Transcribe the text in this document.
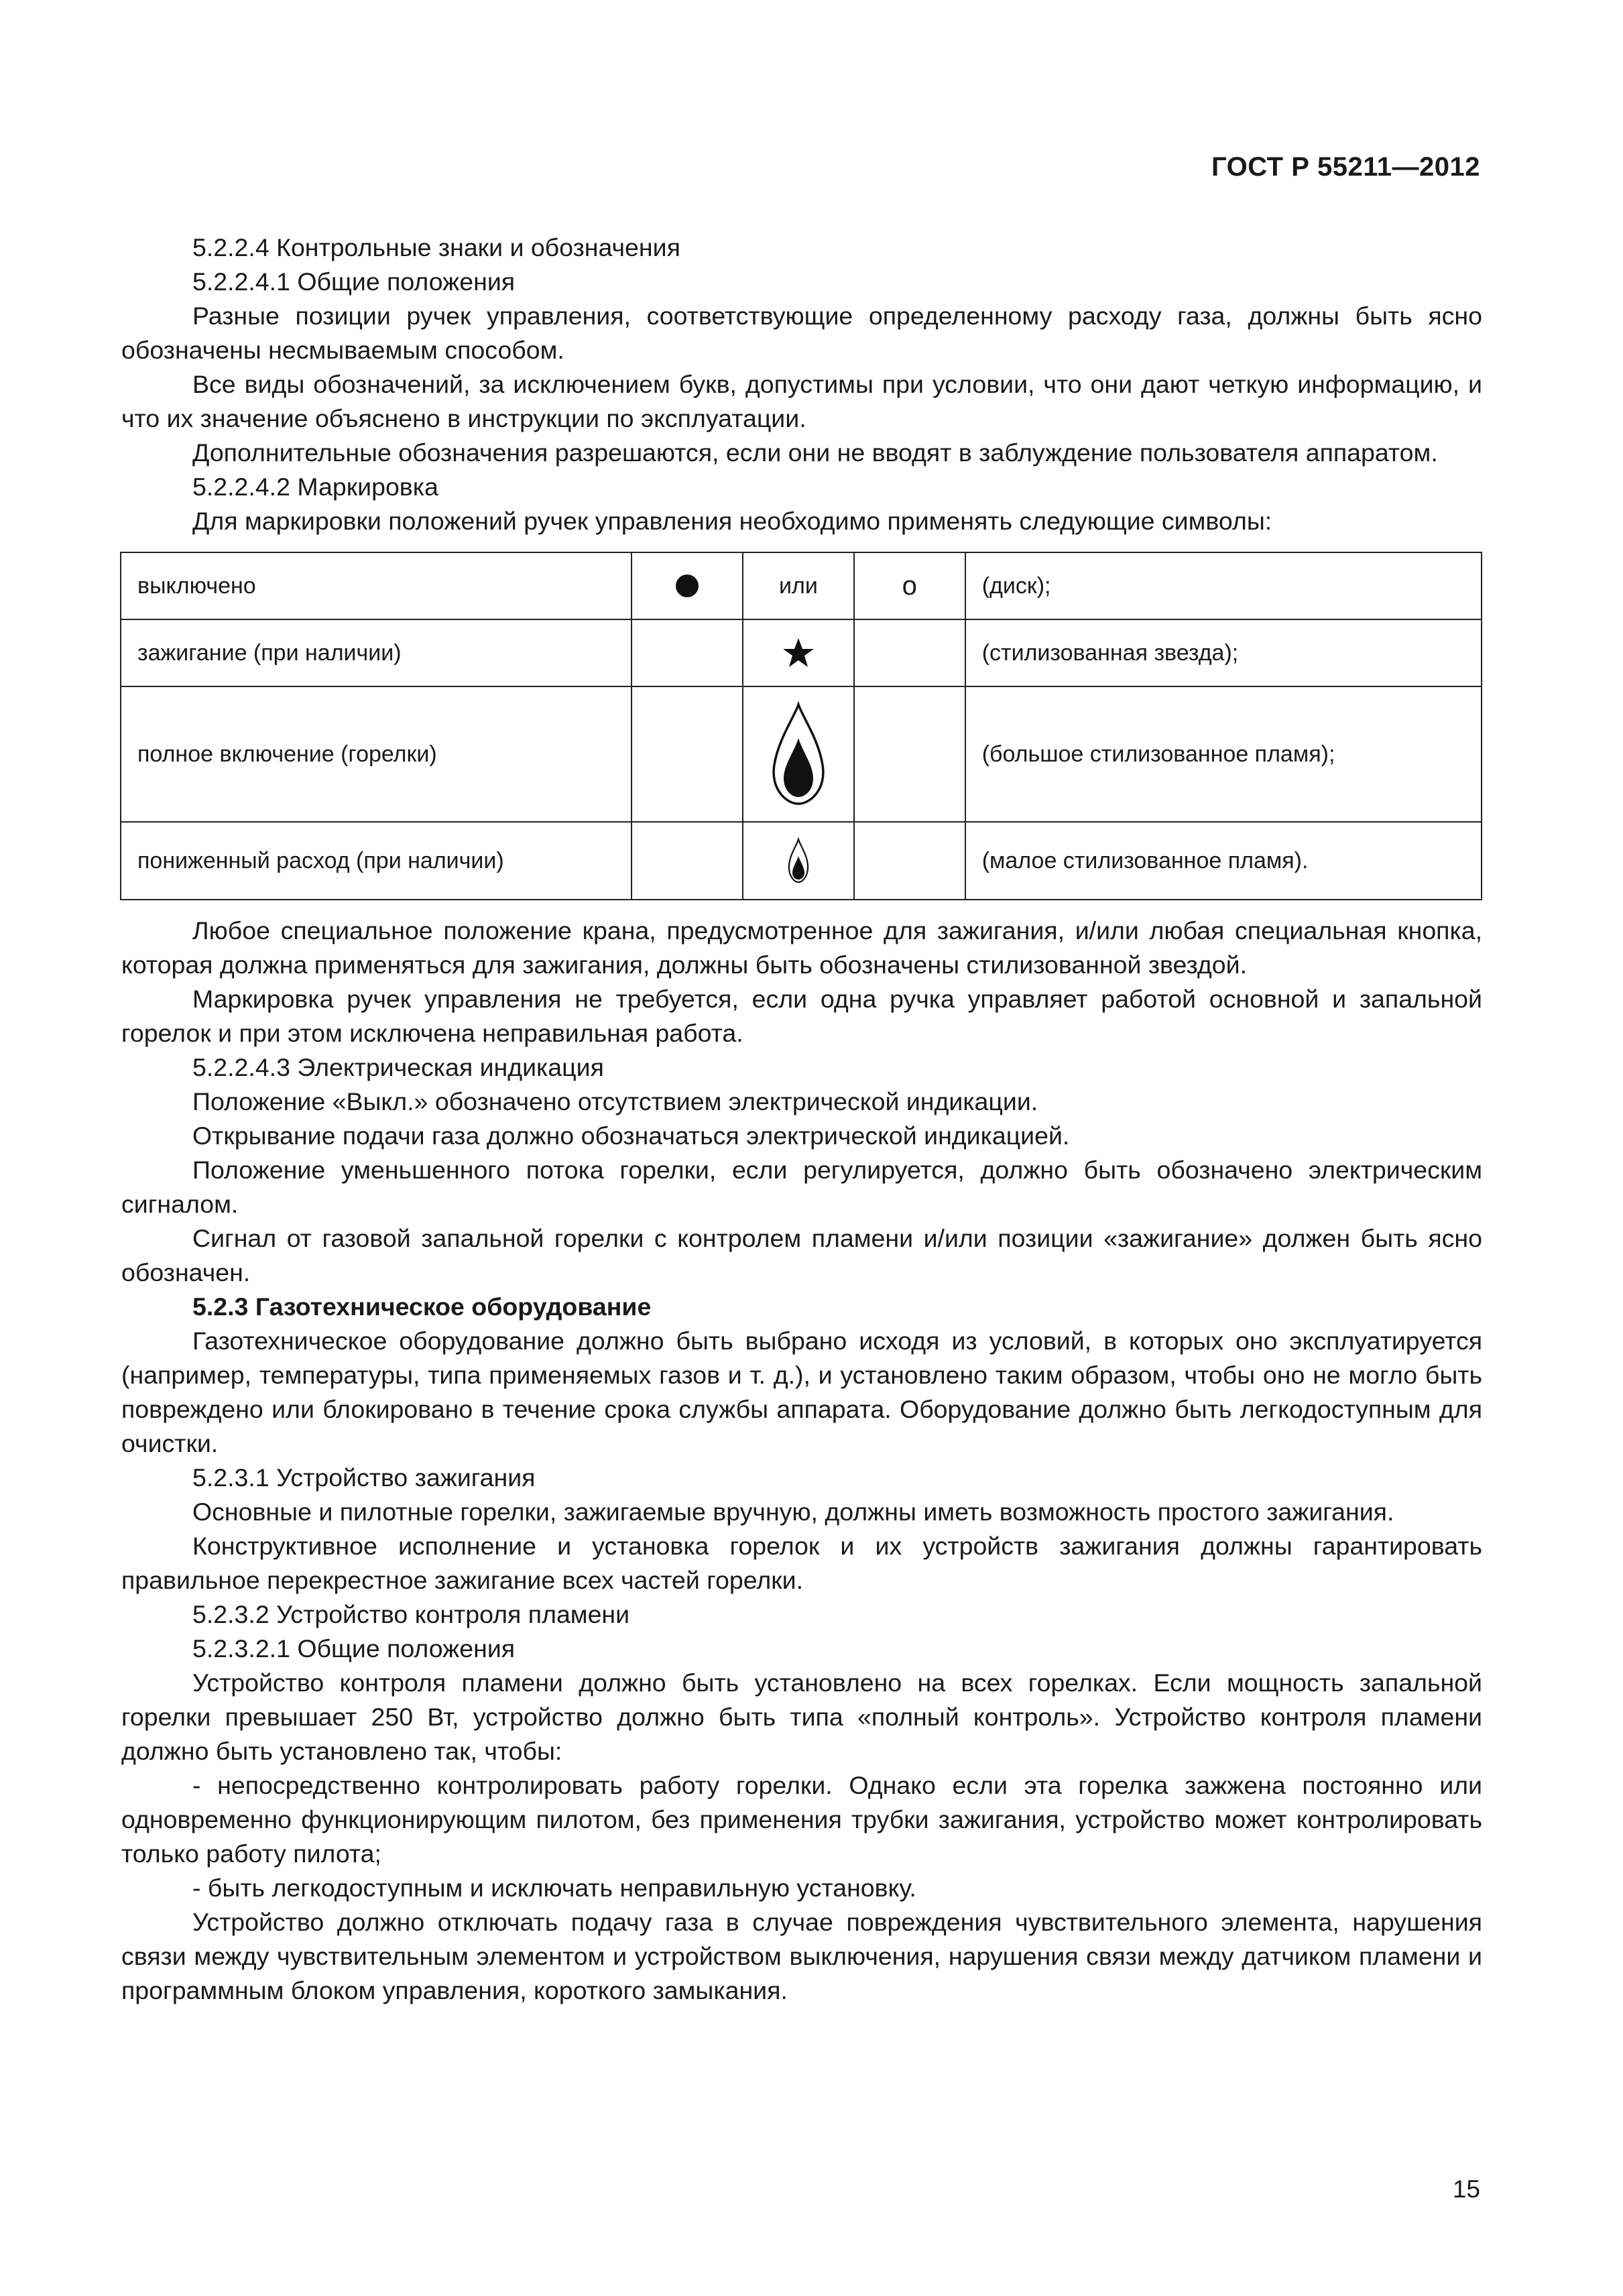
ГОСТ Р 55211—2012

5.2.2.4 Контрольные знаки и обозначения

5.2.2.4.1 Общие положения

Разные позиции ручек управления, соответствующие определенному расходу газа, должны быть ясно обозначены несмываемым способом.

Все виды обозначений, за исключением букв, допустимы при условии, что они дают четкую информацию, и что их значение объяснено в инструкции по эксплуатации.

Дополнительные обозначения разрешаются, если они не вводят в заблуждение пользователя аппаратом.

5.2.2.4.2 Маркировка

Для маркировки положений ручек управления необходимо применять следующие символы:

выключено		или	о	(диск);
зажигание (при наличии)				(стилизованная звезда);
полное включение (горелки)				(большое стилизованное пламя);
пониженный расход (при наличии)				(малое стилизованное пламя).

Любое специальное положение крана, предусмотренное для зажигания, и/или любая специальная кнопка, которая должна применяться для зажигания, должны быть обозначены стилизованной звездой.

Маркировка ручек управления не требуется, если одна ручка управляет работой основной и запальной горелок и при этом исключена неправильная работа.

5.2.2.4.3 Электрическая индикация

Положение «Выкл.» обозначено отсутствием электрической индикации.

Открывание подачи газа должно обозначаться электрической индикацией.

Положение уменьшенного потока горелки, если регулируется, должно быть обозначено электрическим сигналом.

Сигнал от газовой запальной горелки с контролем пламени и/или позиции «зажигание» должен быть ясно обозначен.

5.2.3 Газотехническое оборудование

Газотехническое оборудование должно быть выбрано исходя из условий, в которых оно эксплуатируется (например, температуры, типа применяемых газов и т. д.), и установлено таким образом, чтобы оно не могло быть повреждено или блокировано в течение срока службы аппарата. Оборудование должно быть легкодоступным для очистки.

5.2.3.1 Устройство зажигания

Основные и пилотные горелки, зажигаемые вручную, должны иметь возможность простого зажигания.

Конструктивное исполнение и установка горелок и их устройств зажигания должны гарантировать правильное перекрестное зажигание всех частей горелки.

5.2.3.2 Устройство контроля пламени

5.2.3.2.1 Общие положения

Устройство контроля пламени должно быть установлено на всех горелках. Если мощность запальной горелки превышает 250 Вт, устройство должно быть типа «полный контроль». Устройство контроля пламени должно быть установлено так, чтобы:

- непосредственно контролировать работу горелки. Однако если эта горелка зажжена постоянно или одновременно функционирующим пилотом, без применения трубки зажигания, устройство может контролировать только работу пилота;

- быть легкодоступным и исключать неправильную установку.

Устройство должно отключать подачу газа в случае повреждения чувствительного элемента, нарушения связи между чувствительным элементом и устройством выключения, нарушения связи между датчиком пламени и программным блоком управления, короткого замыкания.

15
